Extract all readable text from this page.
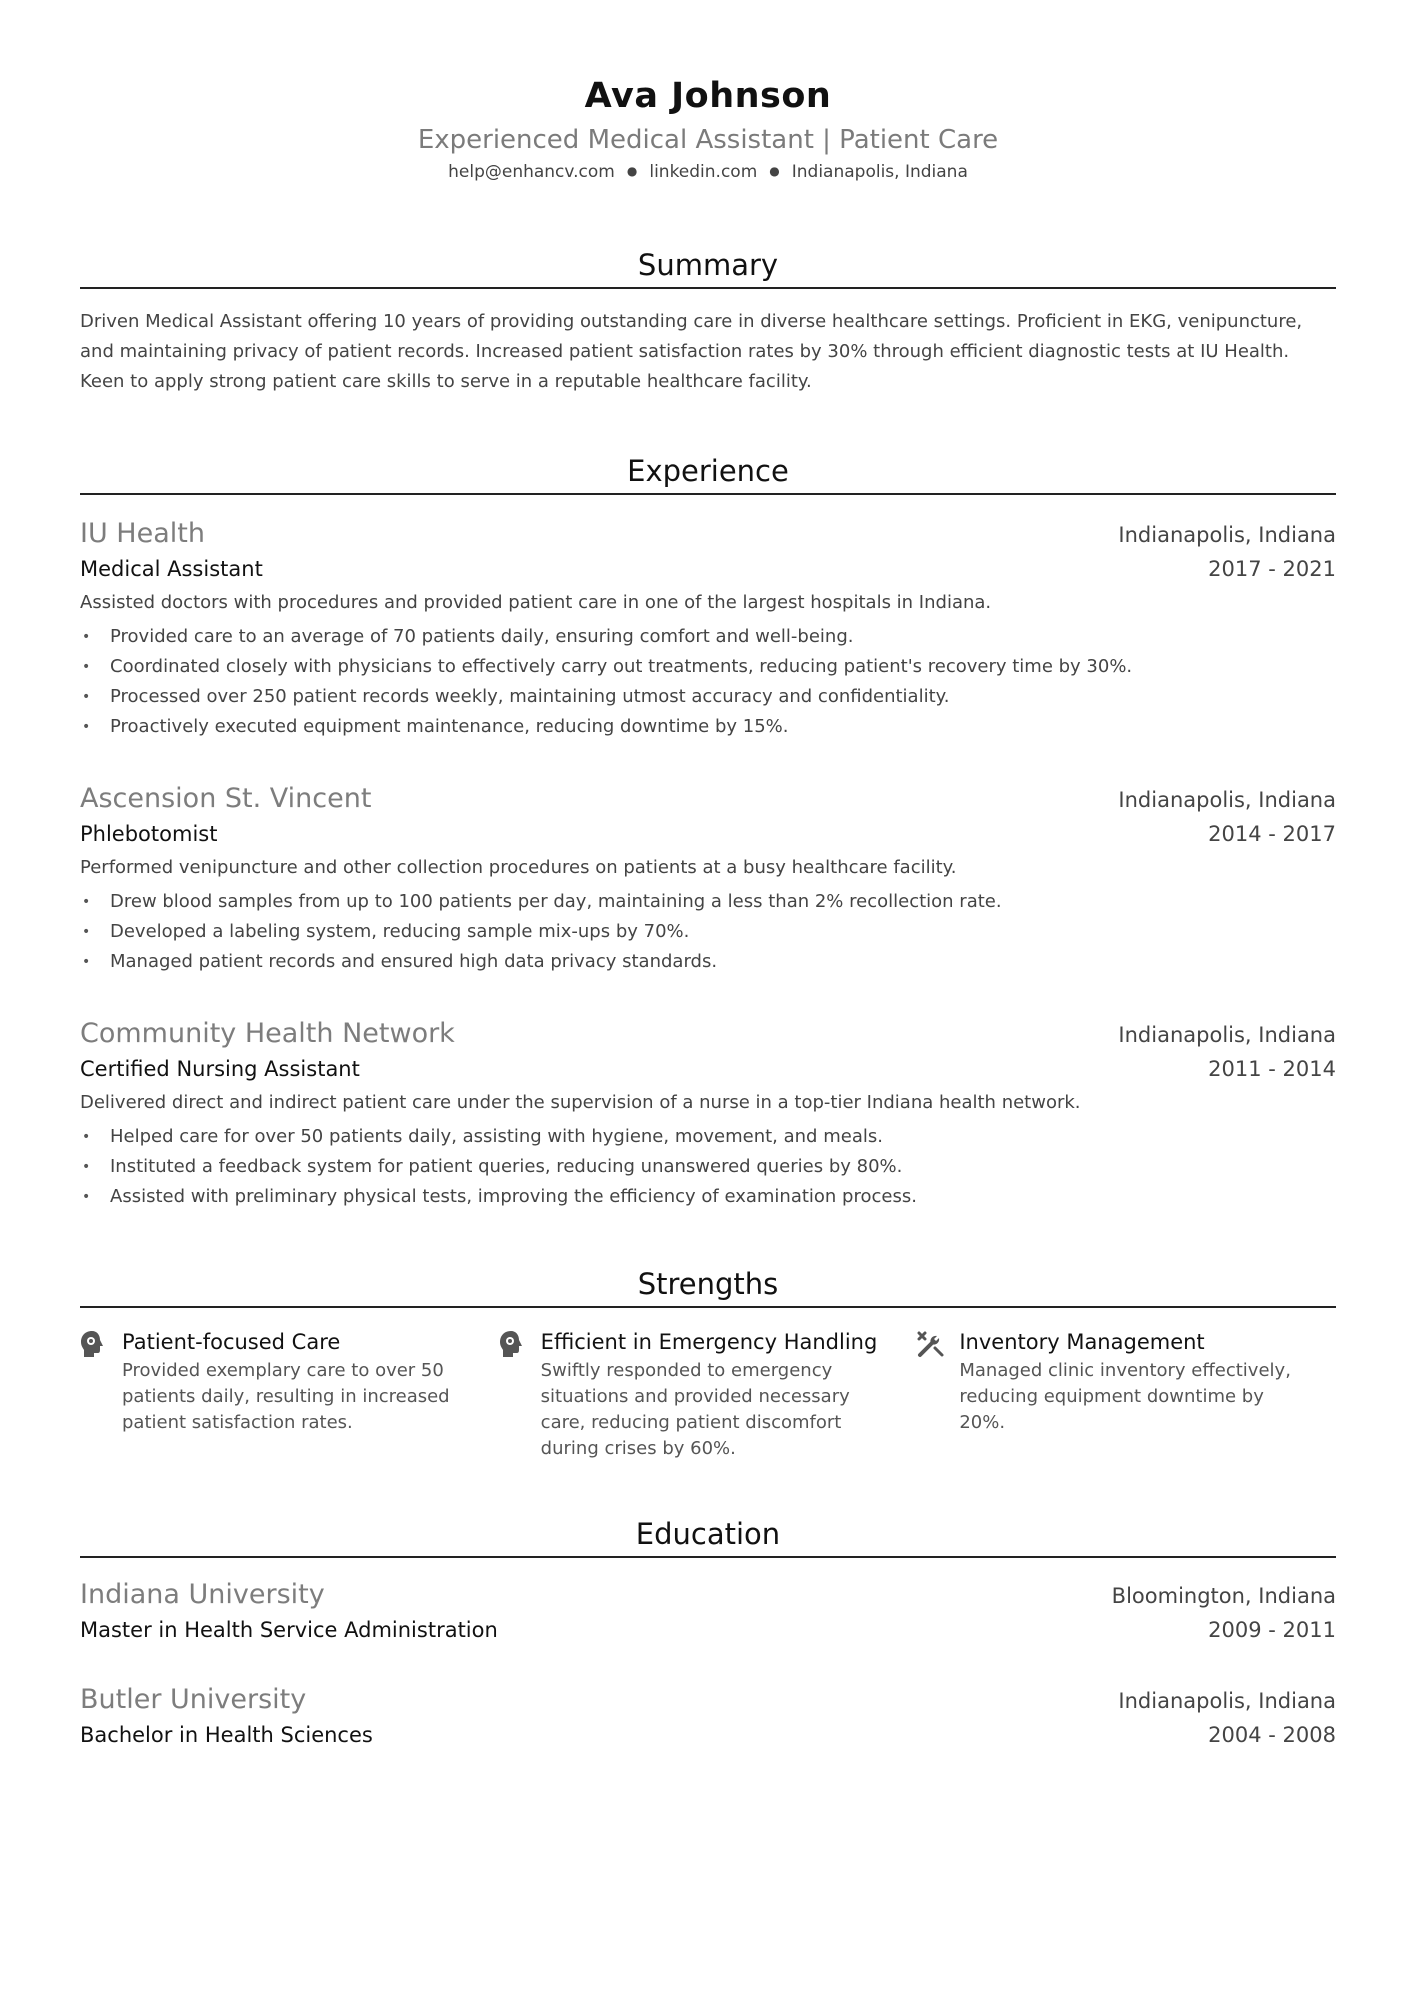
Ava Johnson
Experienced Medical Assistant | Patient Care
help@enhancv.com ● linkedin.com ● Indianapolis, Indiana
Summary
Driven Medical Assistant offering 10 years of providing outstanding care in diverse healthcare settings. Proficient in EKG, venipuncture, and maintaining privacy of patient records. Increased patient satisfaction rates by 30% through efficient diagnostic tests at IU Health. Keen to apply strong patient care skills to serve in a reputable healthcare facility.
Experience
IU Health	Indianapolis, Indiana
Medical Assistant	2017 - 2021
Assisted doctors with procedures and provided patient care in one of the largest hospitals in Indiana.
• Provided care to an average of 70 patients daily, ensuring comfort and well-being.
• Coordinated closely with physicians to effectively carry out treatments, reducing patient's recovery time by 30%.
• Processed over 250 patient records weekly, maintaining utmost accuracy and confidentiality.
• Proactively executed equipment maintenance, reducing downtime by 15%.
Ascension St. Vincent	Indianapolis, Indiana
Phlebotomist	2014 - 2017
Performed venipuncture and other collection procedures on patients at a busy healthcare facility.
• Drew blood samples from up to 100 patients per day, maintaining a less than 2% recollection rate.
• Developed a labeling system, reducing sample mix-ups by 70%.
• Managed patient records and ensured high data privacy standards.
Community Health Network	Indianapolis, Indiana
Certified Nursing Assistant	2011 - 2014
Delivered direct and indirect patient care under the supervision of a nurse in a top-tier Indiana health network.
• Helped care for over 50 patients daily, assisting with hygiene, movement, and meals.
• Instituted a feedback system for patient queries, reducing unanswered queries by 80%.
• Assisted with preliminary physical tests, improving the efficiency of examination process.
Strengths
Patient-focused Care
Provided exemplary care to over 50 patients daily, resulting in increased patient satisfaction rates.
Efficient in Emergency Handling
Swiftly responded to emergency situations and provided necessary care, reducing patient discomfort during crises by 60%.
Inventory Management
Managed clinic inventory effectively, reducing equipment downtime by 20%.
Education
Indiana University	Bloomington, Indiana
Master in Health Service Administration	2009 - 2011
Butler University	Indianapolis, Indiana
Bachelor in Health Sciences	2004 - 2008
